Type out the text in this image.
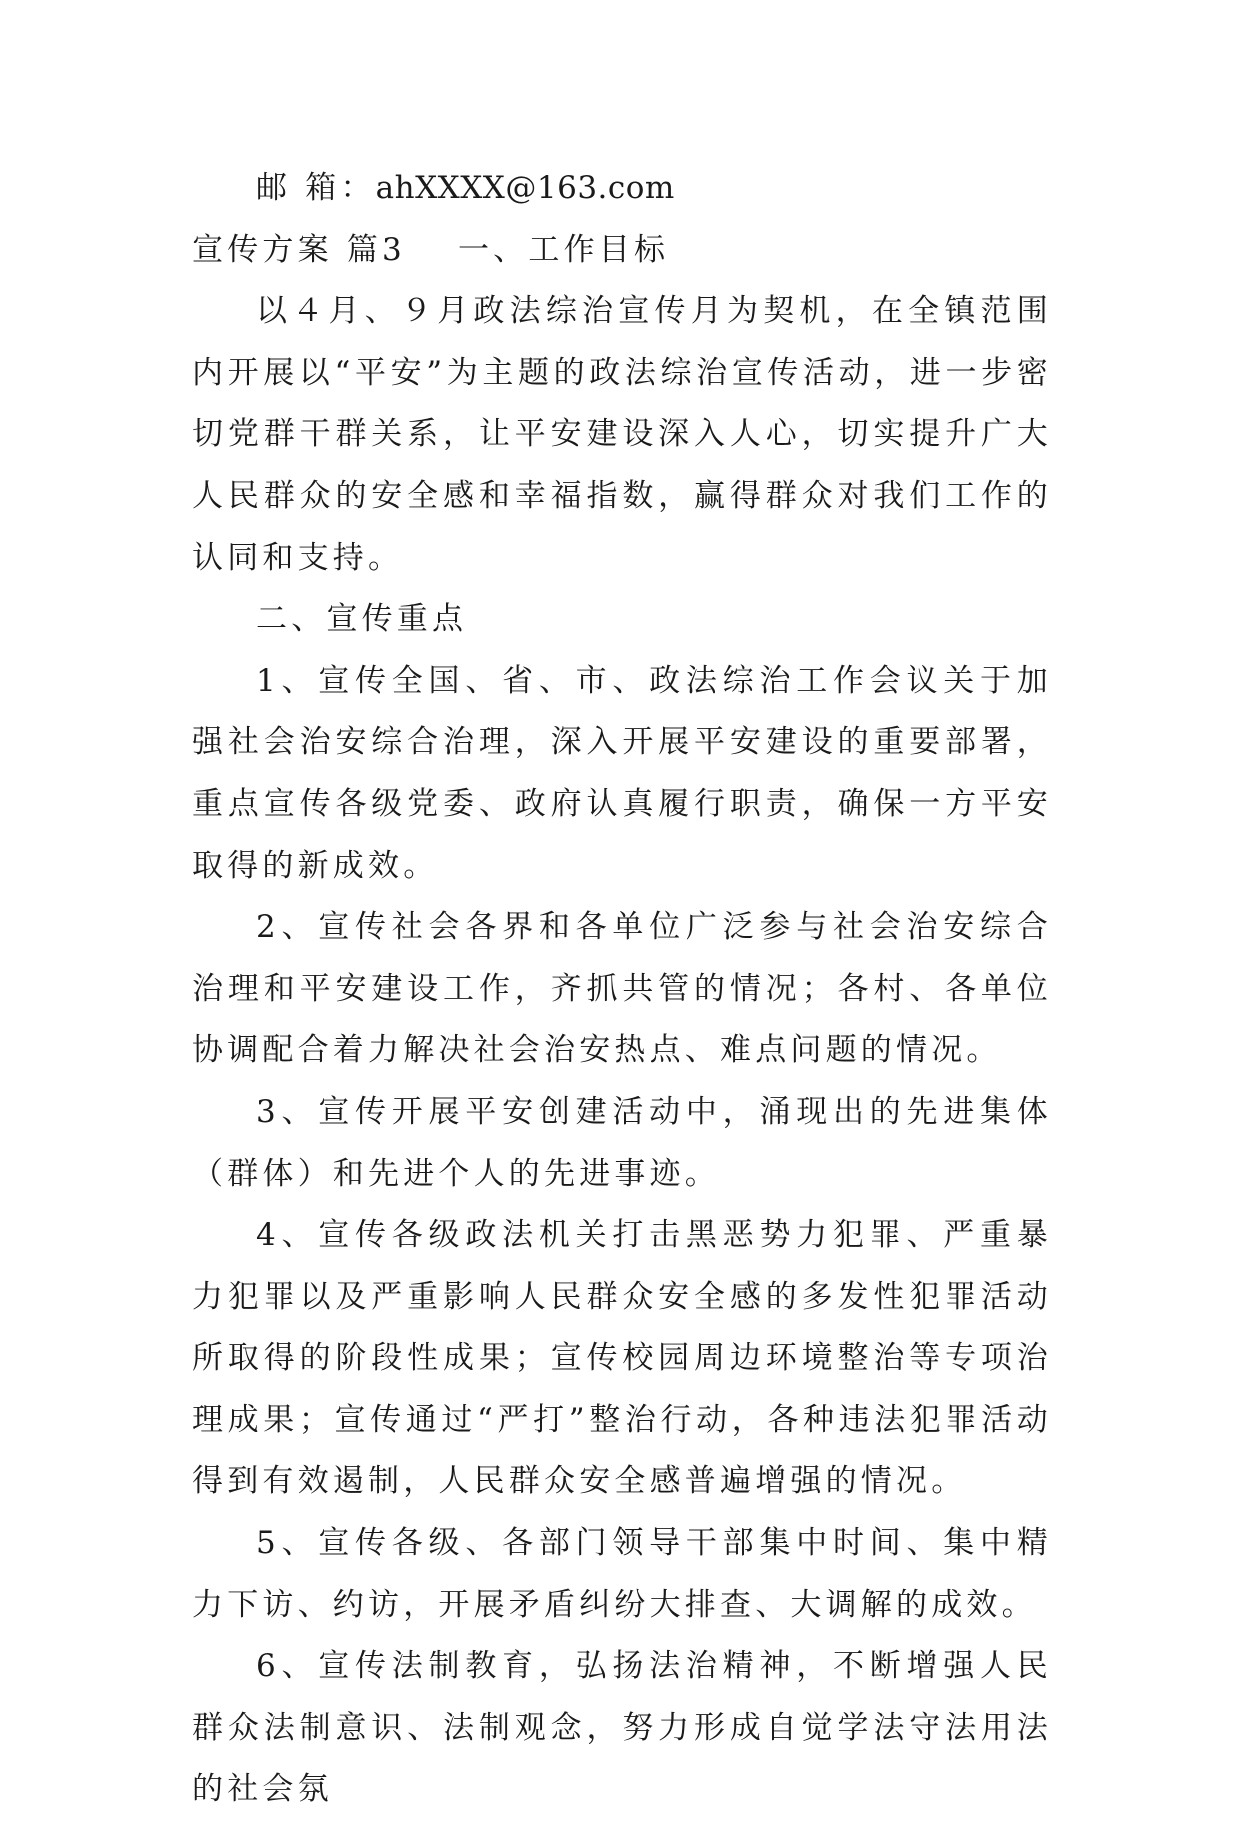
邮 箱：ahXXXX@163.com

宣传方案 篇3 一、工作目标

以４月、９月政法综治宣传月为契机，在全镇范围内开展以“平安”为主题的政法综治宣传活动，进一步密切党群干群关系，让平安建设深入人心，切实提升广大人民群众的安全感和幸福指数，赢得群众对我们工作的认同和支持。

二、宣传重点

1、宣传全国、省、市、政法综治工作会议关于加强社会治安综合治理，深入开展平安建设的重要部署，重点宣传各级党委、政府认真履行职责，确保一方平安取得的新成效。

2、宣传社会各界和各单位广泛参与社会治安综合治理和平安建设工作，齐抓共管的情况；各村、各单位协调配合着力解决社会治安热点、难点问题的情况。

3、宣传开展平安创建活动中，涌现出的先进集体（群体）和先进个人的先进事迹。

4、宣传各级政法机关打击黑恶势力犯罪、严重暴力犯罪以及严重影响人民群众安全感的多发性犯罪活动所取得的阶段性成果；宣传校园周边环境整治等专项治理成果；宣传通过“严打”整治行动，各种违法犯罪活动得到有效遏制，人民群众安全感普遍增强的情况。

5、宣传各级、各部门领导干部集中时间、集中精力下访、约访，开展矛盾纠纷大排查、大调解的成效。

6、宣传法制教育，弘扬法治精神，不断增强人民群众法制意识、法制观念，努力形成自觉学法守法用法的社会氛
